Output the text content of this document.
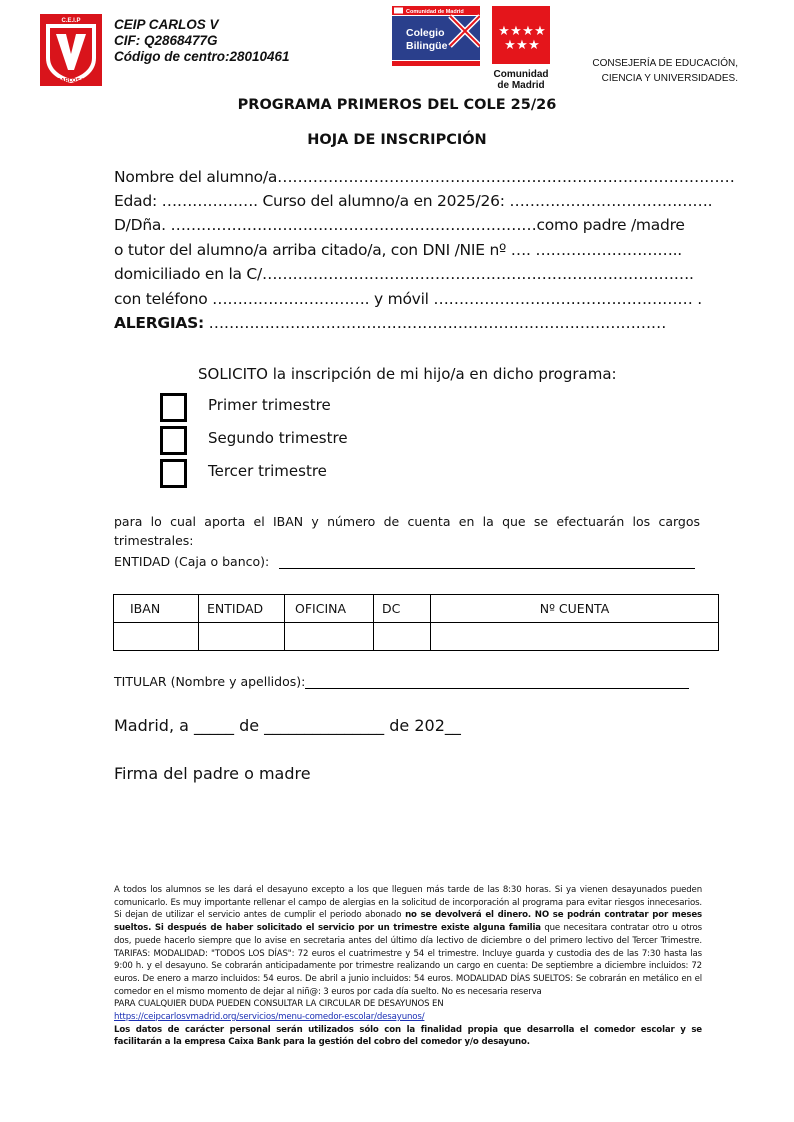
C.E.I.P
CARLOS V
CEIP CARLOS V
CIF: Q2868477G
Código de centro:28010461
Comunidad de Madrid
Colegio
Bilingüe
★ ★ ★ ★
★ ★ ★
Comunidad
de Madrid
CONSEJERÍA DE EDUCACIÓN,
CIENCIA Y UNIVERSIDADES.
PROGRAMA PRIMEROS DEL COLE 25/26
HOJA DE INSCRIPCIÓN
Nombre del alumno/a………………………………………………………………………………
Edad: ………………. Curso del alumno/a en 2025/26: ………………………………….
D/Dña. ………………………………………………………………como padre /madre
o tutor del alumno/a arriba citado/a, con DNI /NIE nº …. ………………………..
domiciliado en la C/………………………………………………………………………….
con teléfono …………………………. y móvil …………………………………………… .
ALERGIAS: ………………………………………………………………………………
SOLICITO la inscripción de mi hijo/a en dicho programa:
Primer trimestre
Segundo trimestre
Tercer trimestre
para lo cual aporta el IBAN y número de cuenta en la que se efectuarán los cargos trimestrales:
ENTIDAD (Caja o banco):
IBAN	ENTIDAD	OFICINA	DC	Nº CUENTA

TITULAR (Nombre y apellidos):
Madrid, a _____ de _______________ de 202__
Firma del padre o madre
A todos los alumnos se les dará el desayuno excepto a los que lleguen más tarde de las 8:30 horas. Si ya vienen desayunados pueden comunicarlo. Es muy importante rellenar el campo de alergias en la solicitud de incorporación al programa para evitar riesgos innecesarios. Si dejan de utilizar el servicio antes de cumplir el periodo abonado no se devolverá el dinero. NO se podrán contratar por meses sueltos. Si después de haber solicitado el servicio por un trimestre existe alguna familia que necesitara contratar otro u otros dos, puede hacerlo siempre que lo avise en secretaria antes del último día lectivo de diciembre o del primero lectivo del Tercer Trimestre. TARIFAS: MODALIDAD: "TODOS LOS DÍAS": 72 euros el cuatrimestre y 54 el trimestre. Incluye guarda y custodia des de las 7:30 hasta las 9:00 h. y el desayuno. Se cobrarán anticipadamente por trimestre realizando un cargo en cuenta: De septiembre a diciembre incluidos: 72 euros. De enero a marzo incluidos: 54 euros. De abril a junio incluidos: 54 euros. MODALIDAD DÍAS SUELTOS: Se cobrarán en metálico en el comedor en el mismo momento de dejar al niñ@: 3 euros por cada día suelto. No es necesaria reserva
PARA CUALQUIER DUDA PUEDEN CONSULTAR LA CIRCULAR DE DESAYUNOS EN
https://ceipcarlosvmadrid.org/servicios/menu-comedor-escolar/desayunos/
Los datos de carácter personal serán utilizados sólo con la finalidad propia que desarrolla el comedor escolar y se facilitarán a la empresa Caixa Bank para la gestión del cobro del comedor y/o desayuno.
